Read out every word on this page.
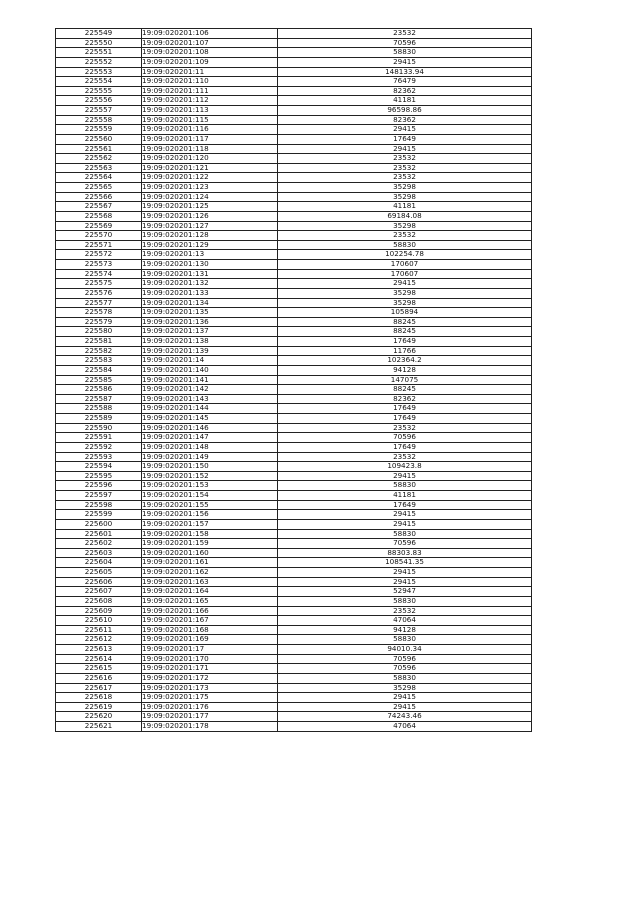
225549	19:09:020201:106	23532
225550	19:09:020201:107	70596
225551	19:09:020201:108	58830
225552	19:09:020201:109	29415
225553	19:09:020201:11	148133.94
225554	19:09:020201:110	76479
225555	19:09:020201:111	82362
225556	19:09:020201:112	41181
225557	19:09:020201:113	96598.86
225558	19:09:020201:115	82362
225559	19:09:020201:116	29415
225560	19:09:020201:117	17649
225561	19:09:020201:118	29415
225562	19:09:020201:120	23532
225563	19:09:020201:121	23532
225564	19:09:020201:122	23532
225565	19:09:020201:123	35298
225566	19:09:020201:124	35298
225567	19:09:020201:125	41181
225568	19:09:020201:126	69184.08
225569	19:09:020201:127	35298
225570	19:09:020201:128	23532
225571	19:09:020201:129	58830
225572	19:09:020201:13	102254.78
225573	19:09:020201:130	170607
225574	19:09:020201:131	170607
225575	19:09:020201:132	29415
225576	19:09:020201:133	35298
225577	19:09:020201:134	35298
225578	19:09:020201:135	105894
225579	19:09:020201:136	88245
225580	19:09:020201:137	88245
225581	19:09:020201:138	17649
225582	19:09:020201:139	11766
225583	19:09:020201:14	102364.2
225584	19:09:020201:140	94128
225585	19:09:020201:141	147075
225586	19:09:020201:142	88245
225587	19:09:020201:143	82362
225588	19:09:020201:144	17649
225589	19:09:020201:145	17649
225590	19:09:020201:146	23532
225591	19:09:020201:147	70596
225592	19:09:020201:148	17649
225593	19:09:020201:149	23532
225594	19:09:020201:150	109423.8
225595	19:09:020201:152	29415
225596	19:09:020201:153	58830
225597	19:09:020201:154	41181
225598	19:09:020201:155	17649
225599	19:09:020201:156	29415
225600	19:09:020201:157	29415
225601	19:09:020201:158	58830
225602	19:09:020201:159	70596
225603	19:09:020201:160	88303.83
225604	19:09:020201:161	108541.35
225605	19:09:020201:162	29415
225606	19:09:020201:163	29415
225607	19:09:020201:164	52947
225608	19:09:020201:165	58830
225609	19:09:020201:166	23532
225610	19:09:020201:167	47064
225611	19:09:020201:168	94128
225612	19:09:020201:169	58830
225613	19:09:020201:17	94010.34
225614	19:09:020201:170	70596
225615	19:09:020201:171	70596
225616	19:09:020201:172	58830
225617	19:09:020201:173	35298
225618	19:09:020201:175	29415
225619	19:09:020201:176	29415
225620	19:09:020201:177	74243.46
225621	19:09:020201:178	47064
